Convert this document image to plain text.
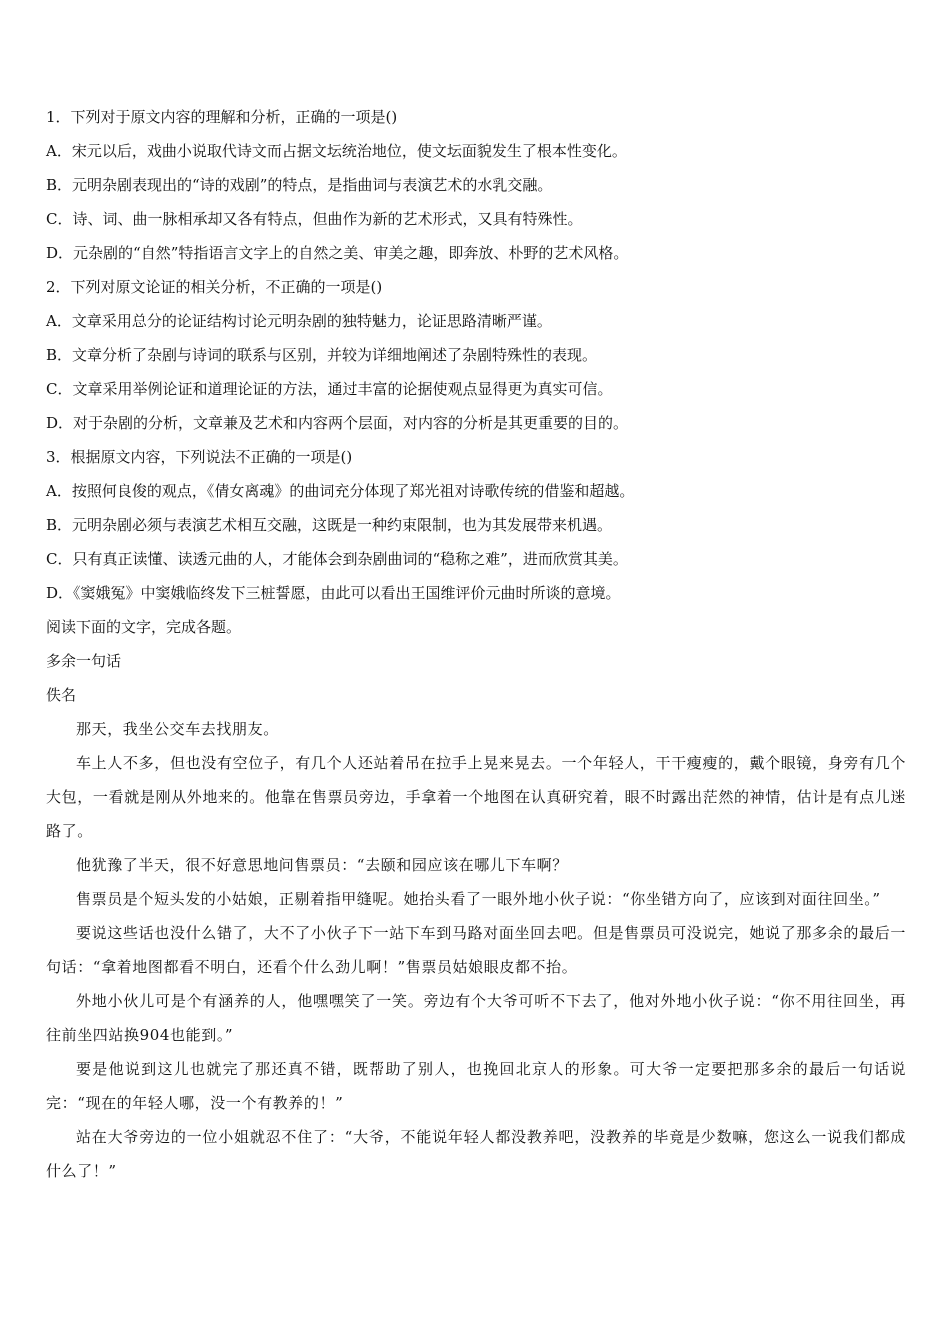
1．下列对于原文内容的理解和分析，正确的一项是()

A．宋元以后，戏曲小说取代诗文而占据文坛统治地位，使文坛面貌发生了根本性变化。

B．元明杂剧表现出的“诗的戏剧”的特点，是指曲词与表演艺术的水乳交融。

C．诗、词、曲一脉相承却又各有特点，但曲作为新的艺术形式，又具有特殊性。

D．元杂剧的“自然”特指语言文字上的自然之美、审美之趣，即奔放、朴野的艺术风格。

2．下列对原文论证的相关分析，不正确的一项是()

A．文章采用总分的论证结构讨论元明杂剧的独特魅力，论证思路清晰严谨。

B．文章分析了杂剧与诗词的联系与区别，并较为详细地阐述了杂剧特殊性的表现。

C．文章采用举例论证和道理论证的方法，通过丰富的论据使观点显得更为真实可信。

D．对于杂剧的分析，文章兼及艺术和内容两个层面，对内容的分析是其更重要的目的。

3．根据原文内容，下列说法不正确的一项是()

A．按照何良俊的观点，《倩女离魂》的曲词充分体现了郑光祖对诗歌传统的借鉴和超越。

B．元明杂剧必须与表演艺术相互交融，这既是一种约束限制，也为其发展带来机遇。

C．只有真正读懂、读透元曲的人，才能体会到杂剧曲词的“稳称之难”，进而欣赏其美。

D．《窦娥冤》中窦娥临终发下三桩誓愿，由此可以看出王国维评价元曲时所谈的意境。

阅读下面的文字，完成各题。

多余一句话

佚名

那天，我坐公交车去找朋友。

车上人不多，但也没有空位子，有几个人还站着吊在拉手上晃来晃去。一个年轻人，干干瘦瘦的，戴个眼镜，身旁有几个大包，一看就是刚从外地来的。他靠在售票员旁边，手拿着一个地图在认真研究着，眼不时露出茫然的神情，估计是有点儿迷路了。

他犹豫了半天，很不好意思地问售票员：“去颐和园应该在哪儿下车啊？

售票员是个短头发的小姑娘，正剔着指甲缝呢。她抬头看了一眼外地小伙子说：“你坐错方向了，应该到对面往回坐。”

要说这些话也没什么错了，大不了小伙子下一站下车到马路对面坐回去吧。但是售票员可没说完，她说了那多余的最后一句话：“拿着地图都看不明白，还看个什么劲儿啊！”售票员姑娘眼皮都不抬。

外地小伙儿可是个有涵养的人，他嘿嘿笑了一笑。旁边有个大爷可听不下去了，他对外地小伙子说：“你不用往回坐，再往前坐四站换904也能到。”

要是他说到这儿也就完了那还真不错，既帮助了别人，也挽回北京人的形象。可大爷一定要把那多余的最后一句话说完：“现在的年轻人哪，没一个有教养的！”

站在大爷旁边的一位小姐就忍不住了：“大爷，不能说年轻人都没教养吧，没教养的毕竟是少数嘛，您这么一说我们都成什么了！”
